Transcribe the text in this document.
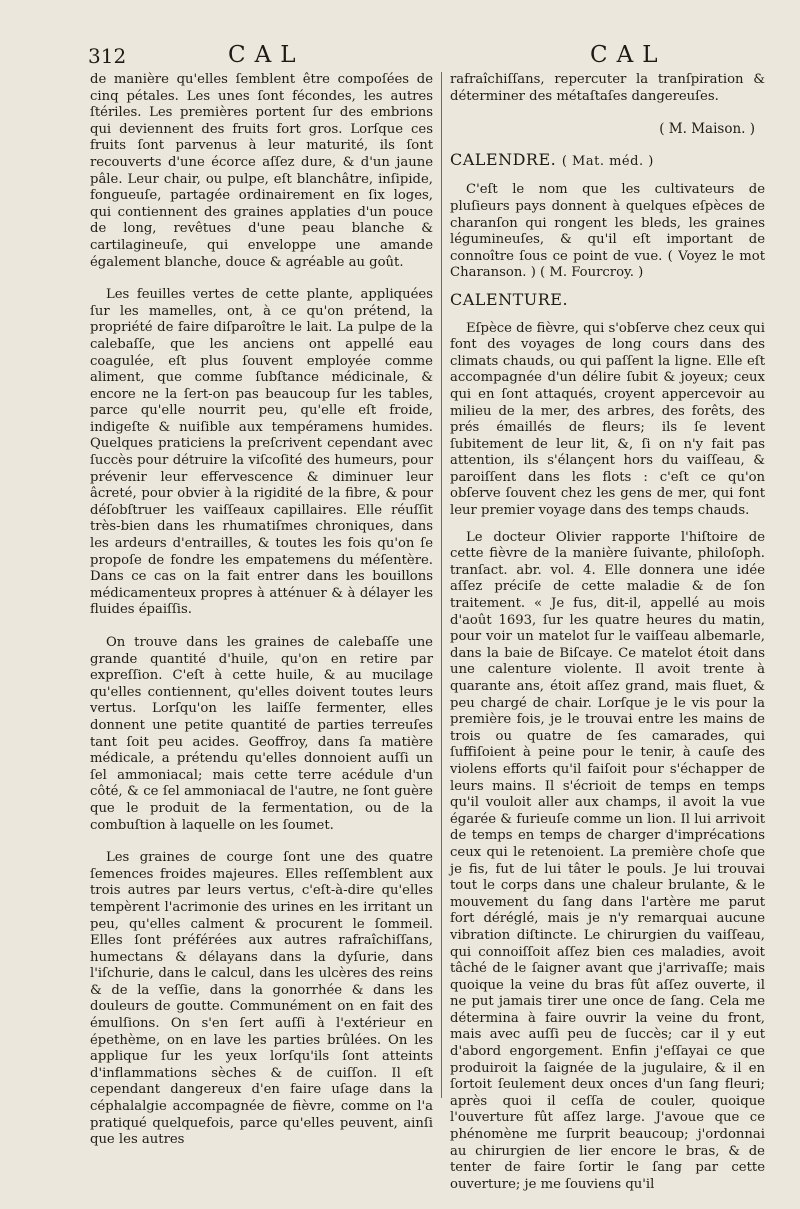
312	CAL	CAL

de manière qu'elles ſemblent être compoſées de cinq pétales. Les unes ſont fécondes, les autres ſtériles. Les premières portent ſur des embrions qui deviennent des fruits fort gros. Lorſque ces fruits ſont parvenus à leur maturité, ils ſont recouverts d'une écorce aſſez dure, & d'un jaune pâle. Leur chair, ou pulpe, eſt blanchâtre, inſipide, fongueuſe, partagée ordinairement en ſix loges, qui contiennent des graines applaties d'un pouce de long, revêtues d'une peau blanche & cartilagineuſe, qui enveloppe une amande également blanche, douce & agréable au goût.

Les feuilles vertes de cette plante, appliquées ſur les mamelles, ont, à ce qu'on prétend, la propriété de faire diſparoître le lait. La pulpe de la calebaſſe, que les anciens ont appellé eau coagulée, eſt plus ſouvent employée comme aliment, que comme ſubſtance médicinale, & encore ne la ſert-on pas beaucoup ſur les tables, parce qu'elle nourrit peu, qu'elle eſt froide, indigeſte & nuiſible aux tempéramens humides. Quelques praticiens la preſcrivent cependant avec ſuccès pour détruire la viſcoſité des humeurs, pour prévenir leur effervescence & diminuer leur âcreté, pour obvier à la rigidité de la fibre, & pour déſobſtruer les vaiſſeaux capillaires. Elle réuſſit très-bien dans les rhumatiſmes chroniques, dans les ardeurs d'entrailles, & toutes les fois qu'on ſe propoſe de fondre les empatemens du méſentère. Dans ce cas on la fait entrer dans les bouillons médicamenteux propres à atténuer & à délayer les fluides épaiſſis.

On trouve dans les graines de calebaſſe une grande quantité d'huile, qu'on en retire par expreſſion. C'eſt à cette huile, & au mucilage qu'elles contiennent, qu'elles doivent toutes leurs vertus. Lorſqu'on les laiſſe fermenter, elles donnent une petite quantité de parties terreuſes tant ſoit peu acides. Geoffroy, dans ſa matière médicale, a prétendu qu'elles donnoient auſſi un ſel ammoniacal; mais cette terre acédule d'un côté, & ce ſel ammoniacal de l'autre, ne ſont guère que le produit de la fermentation, ou de la combuſtion à laquelle on les ſoumet.

Les graines de courge ſont une des quatre ſemences froides majeures. Elles reſſemblent aux trois autres par leurs vertus, c'eſt-à-dire qu'elles tempèrent l'acrimonie des urines en les irritant un peu, qu'elles calment & procurent le ſommeil. Elles ſont préférées aux autres rafraîchiſſans, humectans & délayans dans la dyſurie, dans l'iſchurie, dans le calcul, dans les ulcères des reins & de la veſſie, dans la gonorrhée & dans les douleurs de goutte. Communément on en fait des émulſions. On s'en ſert auſſi à l'extérieur en épethème, on en lave les parties brûlées. On les applique ſur les yeux lorſqu'ils ſont atteints d'inflammations sèches & de cuiſſon. Il eſt cependant dangereux d'en faire uſage dans la céphalalgie accompagnée de fièvre, comme on l'a pratiqué quelquefois, parce qu'elles peuvent, ainſi que les autres

rafraîchiſſans, repercuter la tranſpiration & déterminer des métaſtaſes dangereuſes.

( M. Maison. )
CALENDRE. ( Mat. méd. )

C'eſt le nom que les cultivateurs de pluſieurs pays donnent à quelques eſpèces de charanſon qui rongent les bleds, les graines légumineuſes, & qu'il eſt important de connoître ſous ce point de vue. ( Voyez le mot Charanson. ) ( M. Fourcroy. )

CALENTURE.

Eſpèce de fièvre, qui s'obſerve chez ceux qui font des voyages de long cours dans des climats chauds, ou qui paſſent la ligne. Elle eſt accompagnée d'un délire ſubit & joyeux; ceux qui en ſont attaqués, croyent appercevoir au milieu de la mer, des arbres, des forêts, des prés émaillés de fleurs; ils ſe levent ſubitement de leur lit, &, ſi on n'y fait pas attention, ils s'élançent hors du vaiſſeau, & paroiſſent dans les flots : c'eſt ce qu'on obſerve ſouvent chez les gens de mer, qui font leur premier voyage dans des temps chauds.

Le docteur Olivier rapporte l'hiſtoire de cette fièvre de la manière ſuivante, philoſoph. tranſact. abr. vol. 4. Elle donnera une idée aſſez préciſe de cette maladie & de ſon traitement. « Je fus, dit-il, appellé au mois d'août 1693, ſur les quatre heures du matin, pour voir un matelot ſur le vaiſſeau albemarle, dans la baie de Biſcaye. Ce matelot étoit dans une calenture violente. Il avoit trente à quarante ans, étoit aſſez grand, mais fluet, & peu chargé de chair. Lorſque je le vis pour la première fois, je le trouvai entre les mains de trois ou quatre de ſes camarades, qui ſuffiſoient à peine pour le tenir, à cauſe des violens efforts qu'il faiſoit pour s'échapper de leurs mains. Il s'écrioit de temps en temps qu'il vouloit aller aux champs, il avoit la vue égarée & furieuſe comme un lion. Il lui arrivoit de temps en temps de charger d'imprécations ceux qui le retenoient. La première choſe que je fis, fut de lui tâter le pouls. Je lui trouvai tout le corps dans une chaleur brulante, & le mouvement du ſang dans l'artère me parut fort déréglé, mais je n'y remarquai aucune vibration diſtincte. Le chirurgien du vaiſſeau, qui connoiſſoit aſſez bien ces maladies, avoit tâché de le ſaigner avant que j'arrivaſſe; mais quoique la veine du bras fût aſſez ouverte, il ne put jamais tirer une once de ſang. Cela me détermina à faire ouvrir la veine du front, mais avec auſſi peu de ſuccès; car il y eut d'abord engorgement. Enfin j'eſſayai ce que produiroit la ſaignée de la jugulaire, & il en ſortoit ſeulement deux onces d'un ſang fleuri; après quoi il ceſſa de couler, quoique l'ouverture fût aſſez large. J'avoue que ce phénomène me ſurprit beaucoup; j'ordonnai au chirurgien de lier encore le bras, & de tenter de faire ſortir le ſang par cette ouverture; je me ſouviens qu'il
